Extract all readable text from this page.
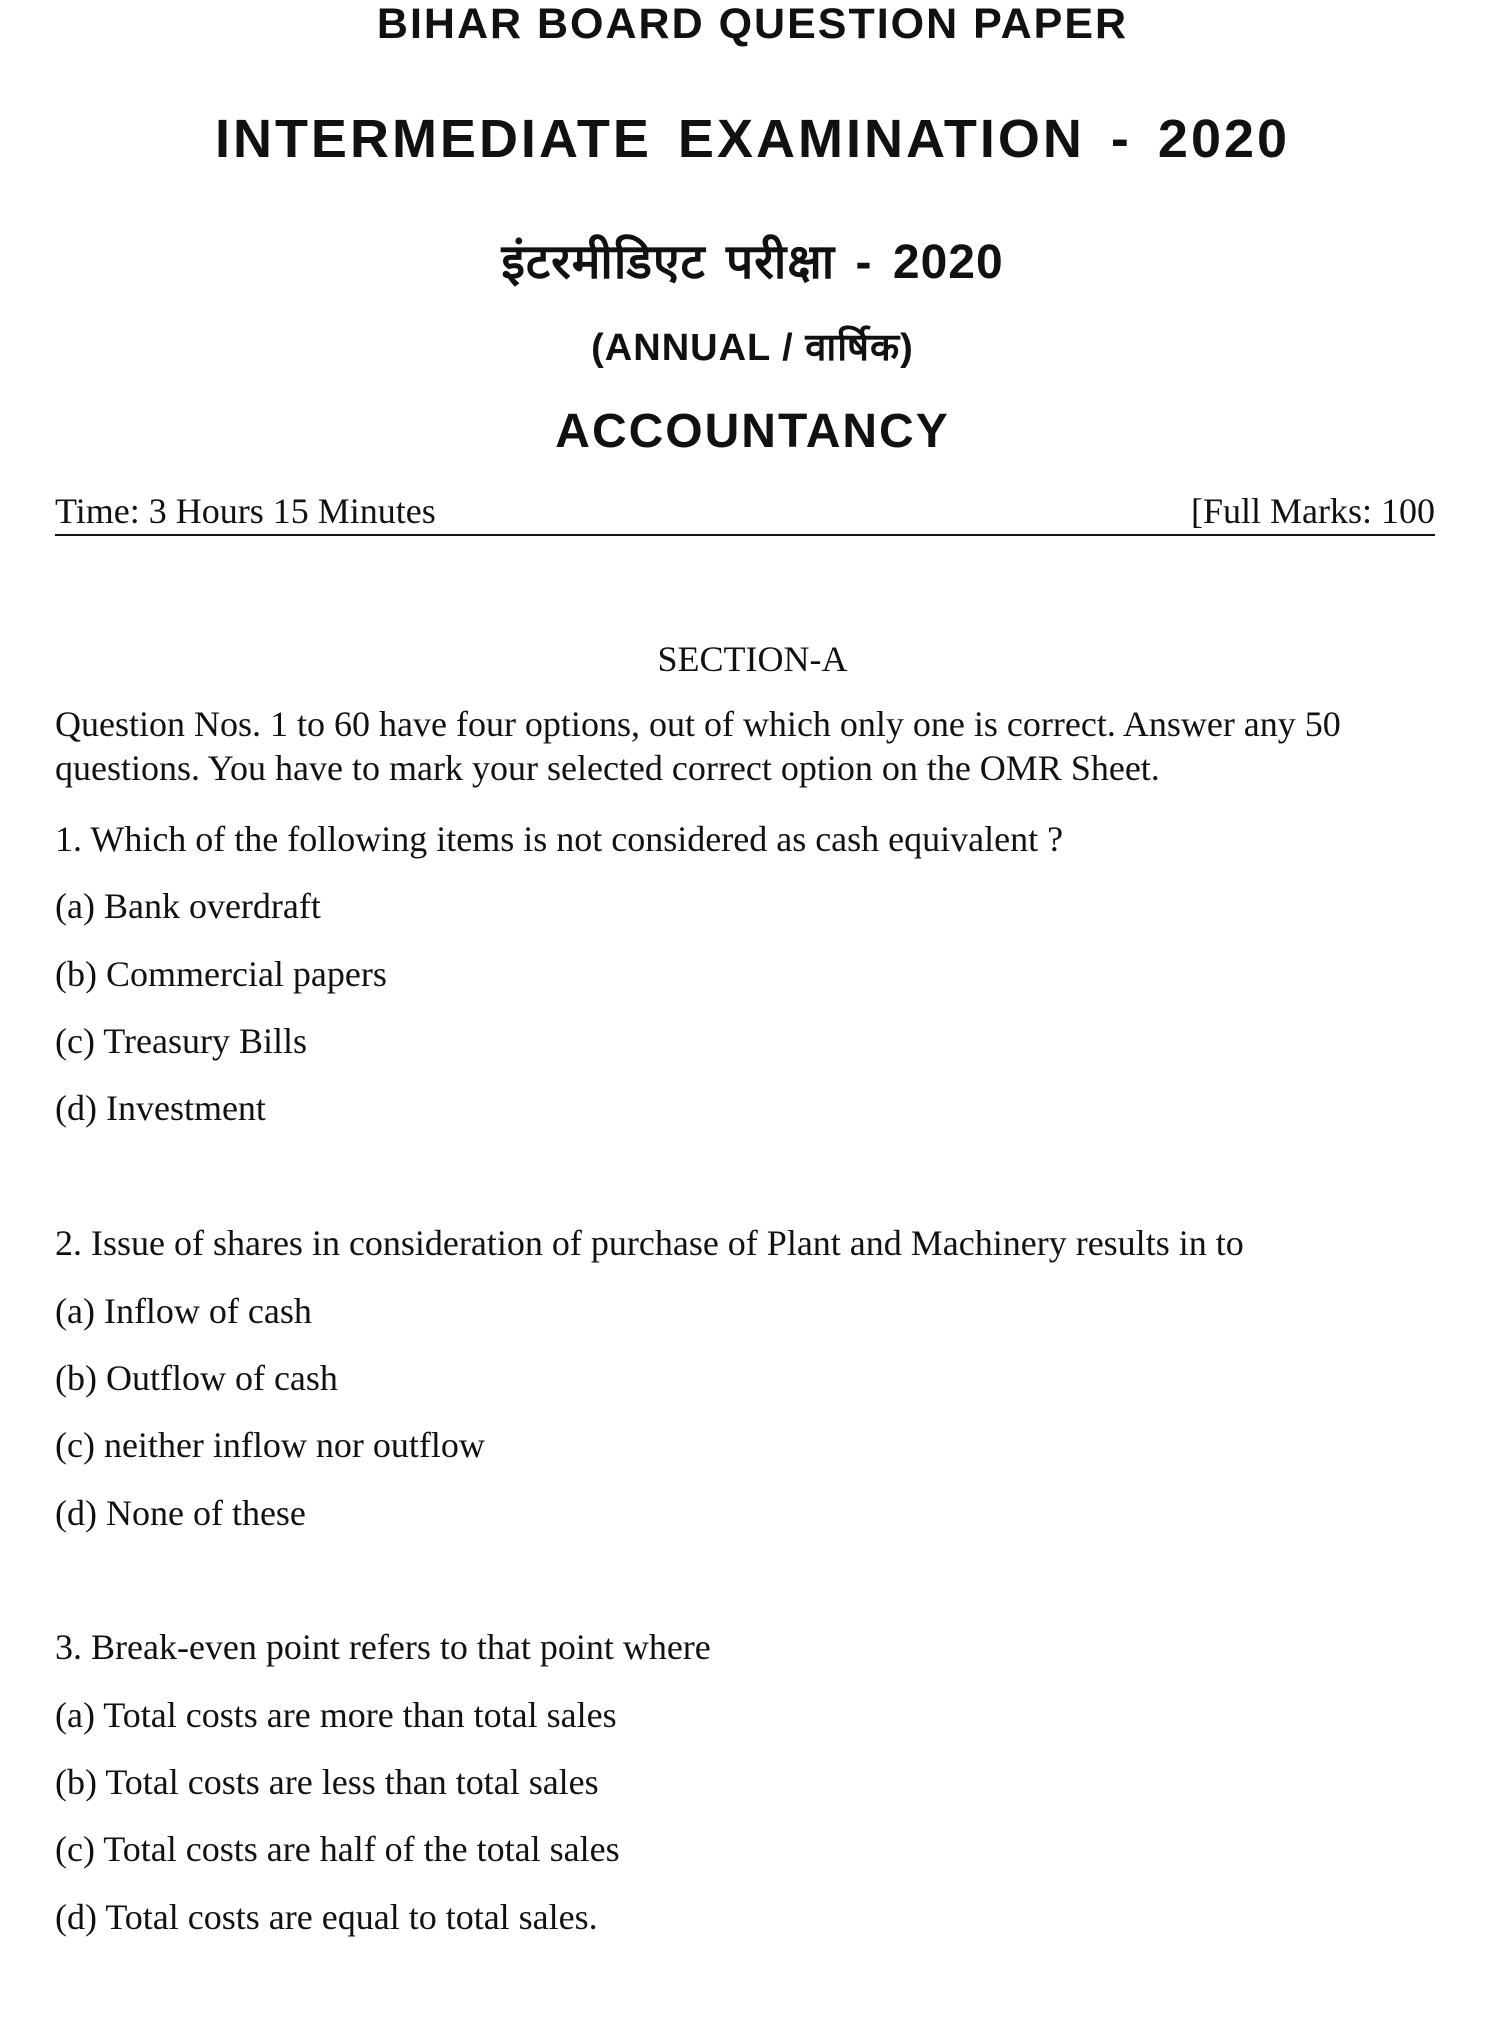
BIHAR BOARD QUESTION PAPER
INTERMEDIATE EXAMINATION - 2020
इंटरमीडिएट परीक्षा - 2020
(ANNUAL / वार्षिक)
ACCOUNTANCY
Time: 3 Hours 15 Minutes	[Full Marks: 100
SECTION-A
Question Nos. 1 to 60 have four options, out of which only one is correct. Answer any 50 questions. You have to mark your selected correct option on the OMR Sheet.
1. Which of the following items is not considered as cash equivalent ?
(a) Bank overdraft
(b) Commercial papers
(c) Treasury Bills
(d) Investment
2. Issue of shares in consideration of purchase of Plant and Machinery results in to
(a) Inflow of cash
(b) Outflow of cash
(c) neither inflow nor outflow
(d) None of these
3. Break-even point refers to that point where
(a) Total costs are more than total sales
(b) Total costs are less than total sales
(c) Total costs are half of the total sales
(d) Total costs are equal to total sales.
